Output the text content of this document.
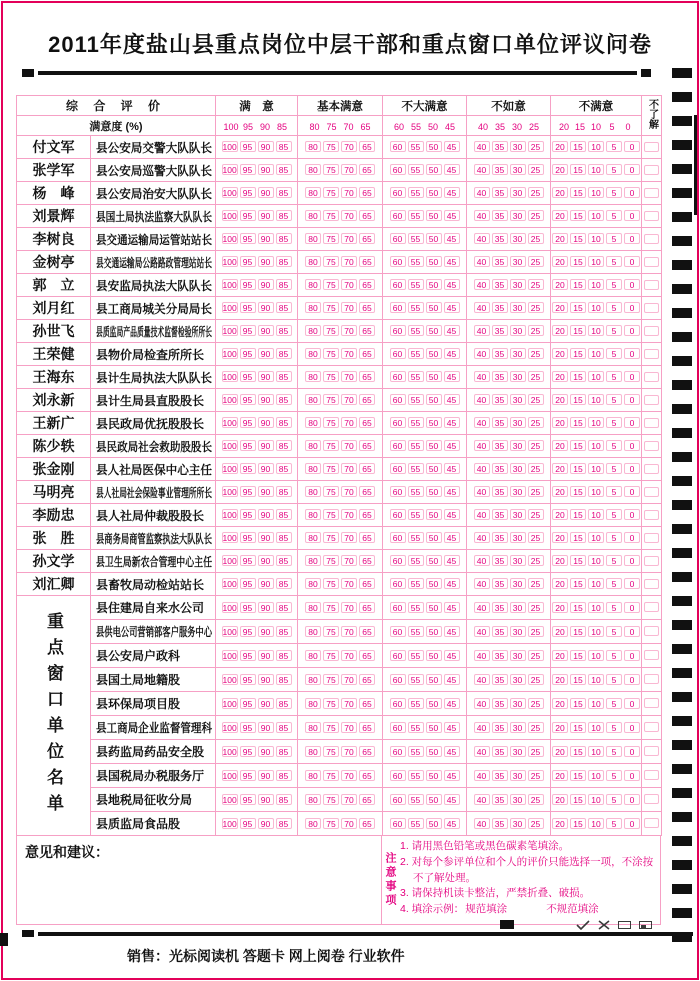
2011年度盐山县重点岗位中层干部和重点窗口单位评议问卷
综 合 评 价		满　意	基本满意	不大满意	不如意	不满意	不了解
满意度 (%)		100 95 90 85	80 75 70 65	60 55 50 45	40 35 30 25	20 15 10 5 0	
付文军	县公安局交警大队队长	100 95 90 85	80 75 70 65	60 55 50 45	40 35 30 25	20 15 10 5 0	
张学军	县公安局巡警大队队长	100 95 90 85	80 75 70 65	60 55 50 45	40 35 30 25	20 15 10 5 0	
杨　峰	县公安局治安大队队长	100 95 90 85	80 75 70 65	60 55 50 45	40 35 30 25	20 15 10 5 0	
刘景辉	县国土局执法监察大队队长	100 95 90 85	80 75 70 65	60 55 50 45	40 35 30 25	20 15 10 5 0	
李树良	县交通运输局运管站站长	100 95 90 85	80 75 70 65	60 55 50 45	40 35 30 25	20 15 10 5 0	
金树亭	县交通运输局公路路政管理站站长	100 95 90 85	80 75 70 65	60 55 50 45	40 35 30 25	20 15 10 5 0	
郭　立	县安监局执法大队队长	100 95 90 85	80 75 70 65	60 55 50 45	40 35 30 25	20 15 10 5 0	
刘月红	县工商局城关分局局长	100 95 90 85	80 75 70 65	60 55 50 45	40 35 30 25	20 15 10 5 0	
孙世飞	县质监局产品质量技术监督检验所所长	100 95 90 85	80 75 70 65	60 55 50 45	40 35 30 25	20 15 10 5 0	
王荣健	县物价局检查所所长	100 95 90 85	80 75 70 65	60 55 50 45	40 35 30 25	20 15 10 5 0	
王海东	县计生局执法大队队长	100 95 90 85	80 75 70 65	60 55 50 45	40 35 30 25	20 15 10 5 0	
刘永新	县计生局县直股股长	100 95 90 85	80 75 70 65	60 55 50 45	40 35 30 25	20 15 10 5 0	
王新广	县民政局优抚股股长	100 95 90 85	80 75 70 65	60 55 50 45	40 35 30 25	20 15 10 5 0	
陈少轶	县民政局社会救助股股长	100 95 90 85	80 75 70 65	60 55 50 45	40 35 30 25	20 15 10 5 0	
张金刚	县人社局医保中心主任	100 95 90 85	80 75 70 65	60 55 50 45	40 35 30 25	20 15 10 5 0	
马明亮	县人社局社会保险事业管理所所长	100 95 90 85	80 75 70 65	60 55 50 45	40 35 30 25	20 15 10 5 0	
李励忠	县人社局仲裁股股长	100 95 90 85	80 75 70 65	60 55 50 45	40 35 30 25	20 15 10 5 0	
张　胜	县商务局商管监察执法大队队长	100 95 90 85	80 75 70 65	60 55 50 45	40 35 30 25	20 15 10 5 0	
孙文学	县卫生局新农合管理中心主任	100 95 90 85	80 75 70 65	60 55 50 45	40 35 30 25	20 15 10 5 0	
刘汇卿	县畜牧局动检站站长	100 95 90 85	80 75 70 65	60 55 50 45	40 35 30 25	20 15 10 5 0	

重点窗口单位名单	县住建局自来水公司	100 95 90 85	80 75 70 65	60 55 50 45	40 35 30 25	20 15 10 5 0	
	县供电公司营销部客户服务中心	100 95 90 85	80 75 70 65	60 55 50 45	40 35 30 25	20 15 10 5 0	
	县公安局户政科	100 95 90 85	80 75 70 65	60 55 50 45	40 35 30 25	20 15 10 5 0	
	县国土局地籍股	100 95 90 85	80 75 70 65	60 55 50 45	40 35 30 25	20 15 10 5 0	
	县环保局项目股	100 95 90 85	80 75 70 65	60 55 50 45	40 35 30 25	20 15 10 5 0	
	县工商局企业监督管理科	100 95 90 85	80 75 70 65	60 55 50 45	40 35 30 25	20 15 10 5 0	
	县药监局药品安全股	100 95 90 85	80 75 70 65	60 55 50 45	40 35 30 25	20 15 10 5 0	
	县国税局办税服务厅	100 95 90 85	80 75 70 65	60 55 50 45	40 35 30 25	20 15 10 5 0	
	县地税局征收分局	100 95 90 85	80 75 70 65	60 55 50 45	40 35 30 25	20 15 10 5 0	
	县质监局食品股	100 95 90 85	80 75 70 65	60 55 50 45	40 35 30 25	20 15 10 5 0	
意见和建议：	注意事项
1. 请用黑色铅笔或黑色碳素笔填涂。
2. 对每个参评单位和个人的评价只能选择一项，不涂按不了解处理。
3. 请保持机读卡整洁，严禁折叠、破损。
4. 填涂示例： 规范填涂	不规范填涂
销售：光标阅读机 答题卡 网上阅卷 行业软件
